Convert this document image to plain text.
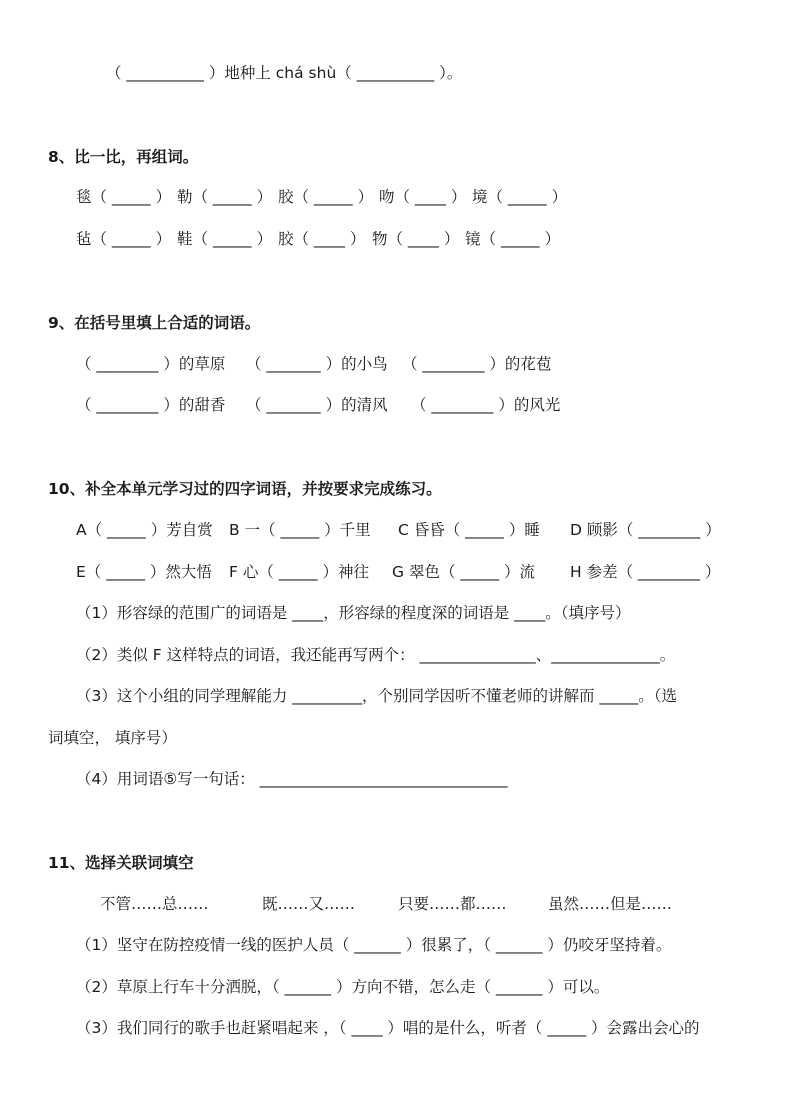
（ __________ ）地种上 chá shù（ __________ ）。
8、比一比，再组词。
毯（ _____ ） 勒（ _____ ） 胶（ _____ ） 吻（ ____ ） 境（ _____ ）
毡（ _____ ） 鞋（ _____ ） 胶（ ____ ） 物（ ____ ） 镜（ _____ ）
9、在括号里填上合适的词语。
（ ________ ）的草原 （ _______ ）的小鸟 （ ________ ）的花苞
（ ________ ）的甜香 （ _______ ）的清风 （ ________ ）的风光
10、补全本单元学习过的四字词语，并按要求完成练习。
A（ _____ ）芳自赏 B 一（ _____ ）千里 C 昏昏（ _____ ）睡 D 顾影（ ________ ）
E（ _____ ）然大悟 F 心（ _____ ）神往 G 翠色（ _____ ）流 H 参差（ ________ ）
（1）形容绿的范围广的词语是 ____，形容绿的程度深的词语是 ____。（填序号）
（2）类似 F 这样特点的词语，我还能再写两个： _______________、______________。
（3）这个小组的同学理解能力 _________，个别同学因听不懂老师的讲解而 _____。（选
词填空， 填序号）
（4）用词语⑤写一句话： ________________________________
11、选择关联词填空
不管……总……	既……又……	只要……都……	虽然……但是……
（1）坚守在防控疫情一线的医护人员（ ______ ）很累了，（ ______ ）仍咬牙坚持着。
（2）草原上行车十分洒脱，（ ______ ）方向不错，怎么走（ ______ ）可以。
（3）我们同行的歌手也赶紧唱起来 ，（ ____ ）唱的是什么，听者（ _____ ）会露出会心的
